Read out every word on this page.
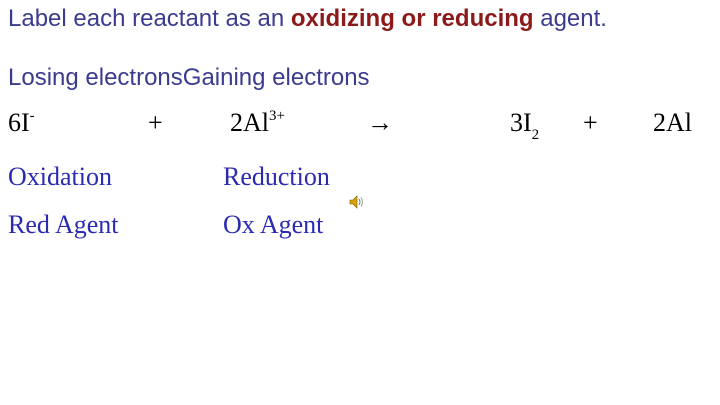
Label each reactant as an oxidizing or reducing agent.
Losing electronsGaining electrons
6I-	+	$2Al^{3+}$	→	$3I_2 + 2Al$
Oxidation	Reduction
Red Agent	Ox Agent
